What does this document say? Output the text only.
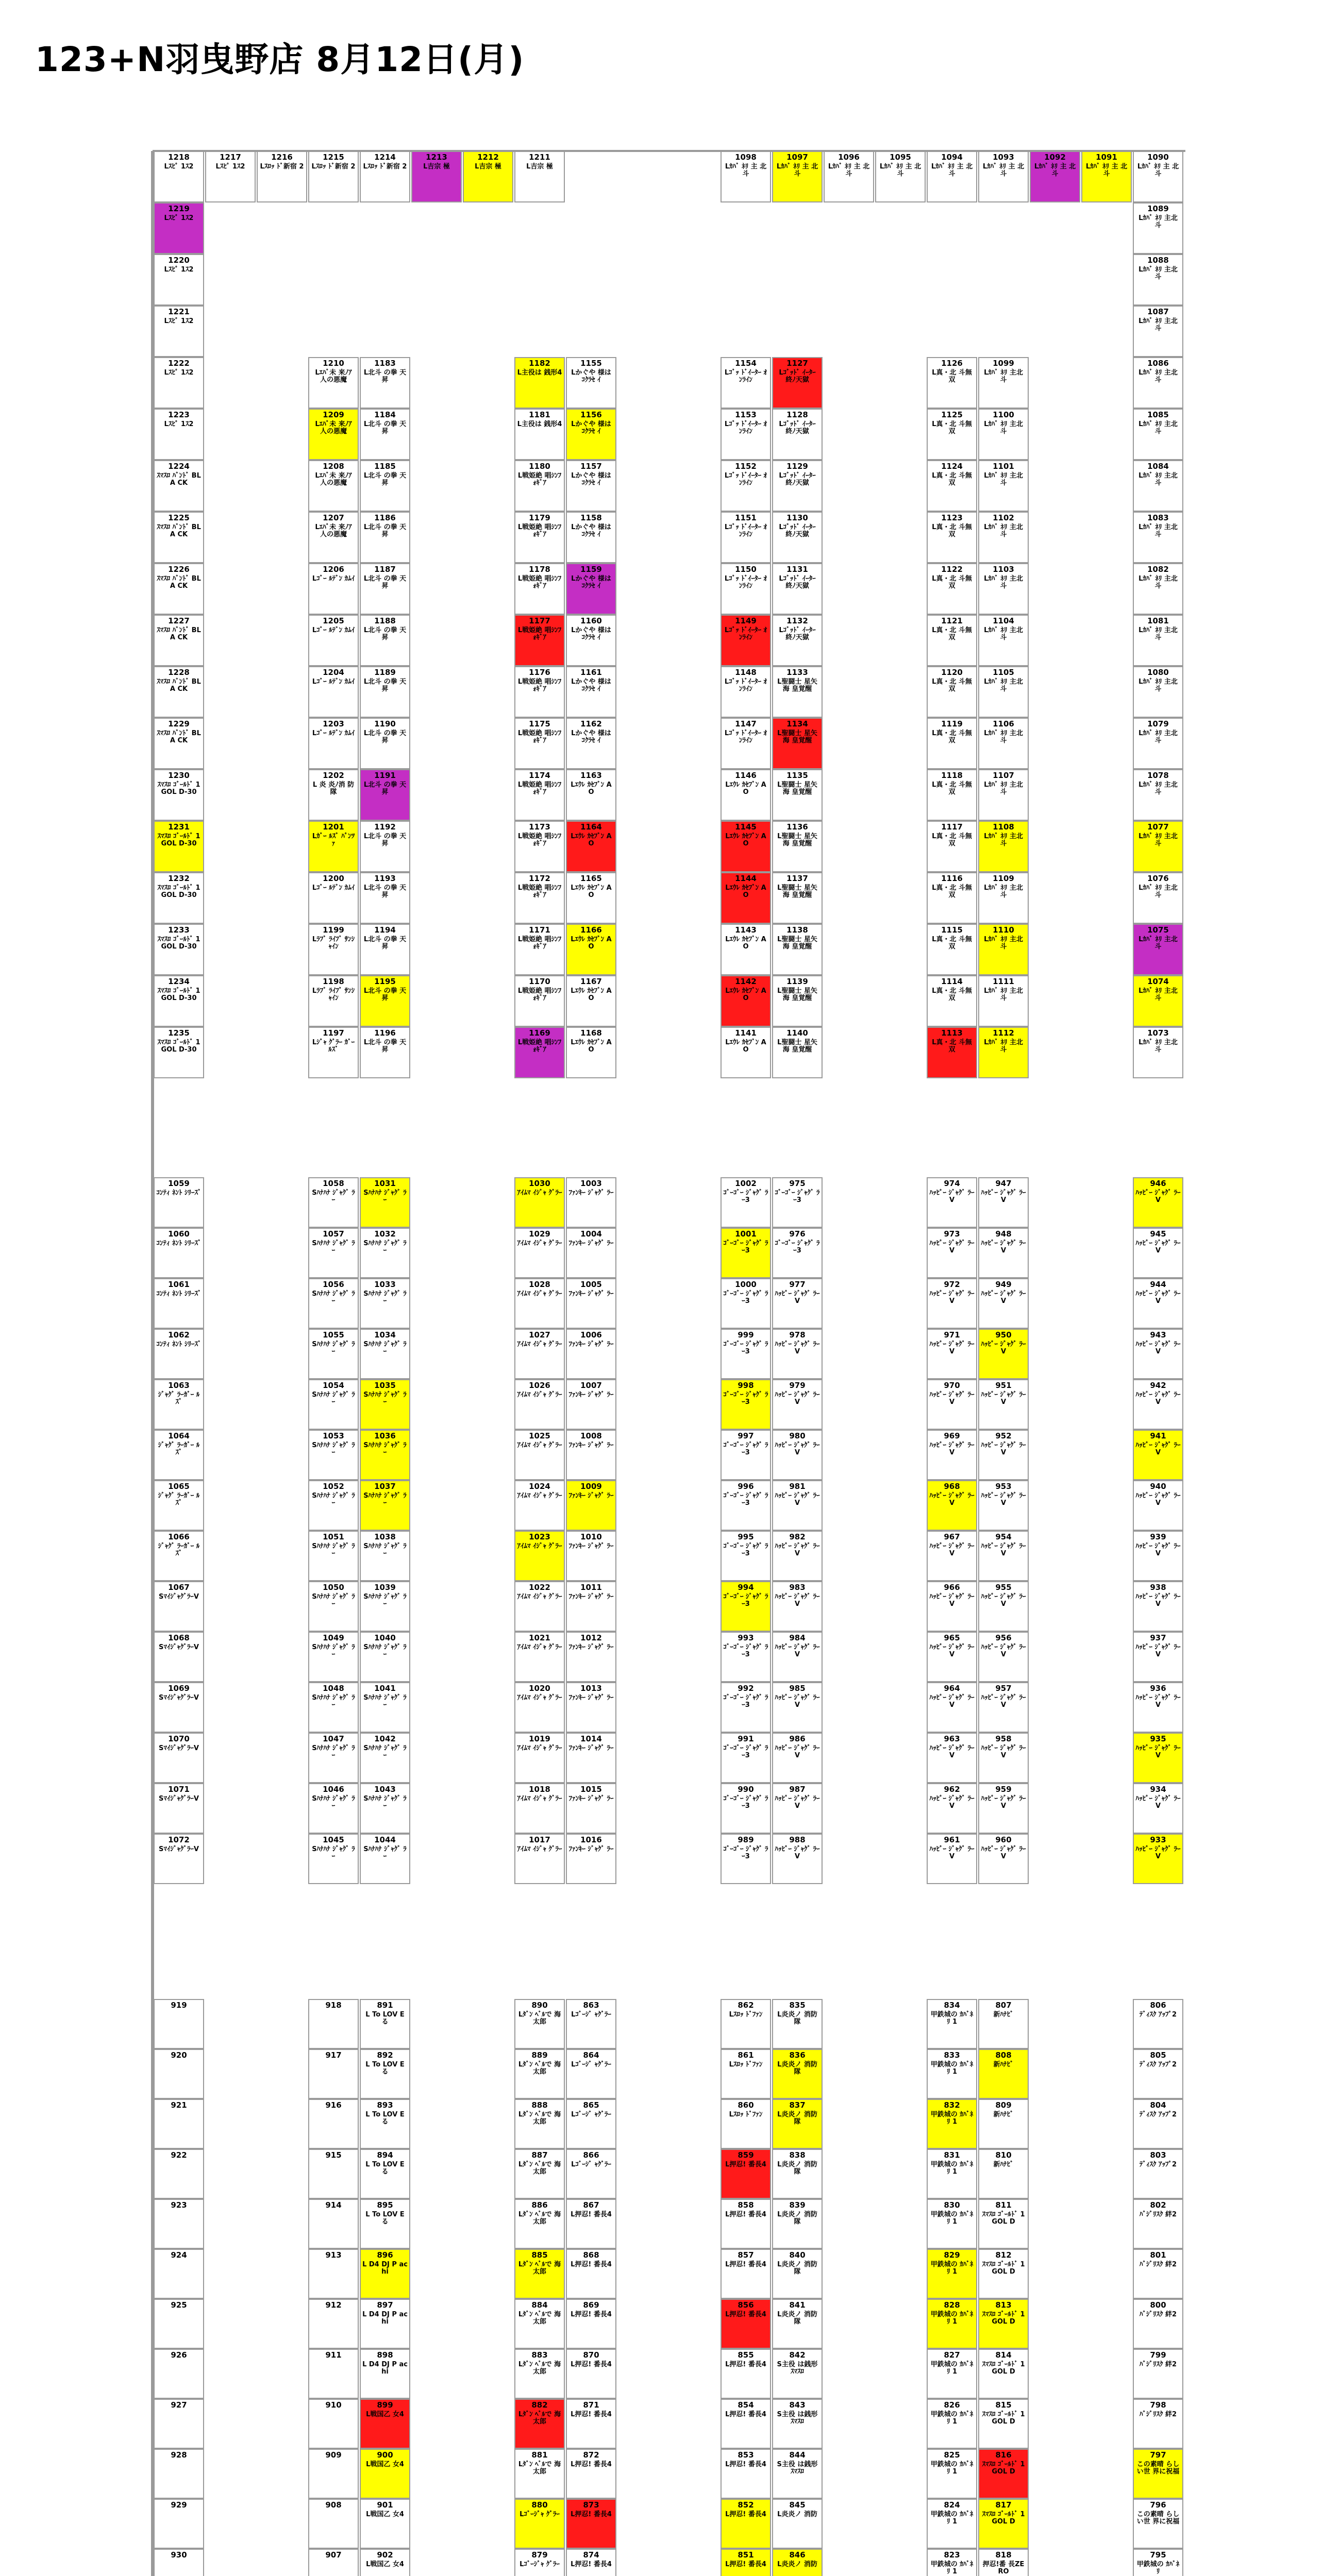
123+N羽曳野店 8月12日(月)
1218
Lｽﾋﾟ 1ｽ2
1217
Lｽﾋﾟ 1ｽ2
1216
Lｽﾛｯ ﾄﾞ新宿 2
1215
Lｽﾛｯ ﾄﾞ新宿 2
1214
Lｽﾛｯ ﾄﾞ新宿 2
1213
L吉宗 極
1212
L吉宗 極
1211
L吉宗 極
1098
Lｶﾊﾞ ﾈﾘ 主 北斗
1097
Lｶﾊﾞ ﾈﾘ 主 北斗
1096
Lｶﾊﾞ ﾈﾘ 主 北斗
1095
Lｶﾊﾞ ﾈﾘ 主 北斗
1094
Lｶﾊﾞ ﾈﾘ 主 北斗
1093
Lｶﾊﾞ ﾈﾘ 主 北斗
1092
Lｶﾊﾞ ﾈﾘ 主 北斗
1091
Lｶﾊﾞ ﾈﾘ 主 北斗
1090
Lｶﾊﾞ ﾈﾘ 主 北斗
1219
Lｽﾋﾟ 1ｽ2
1220
Lｽﾋﾟ 1ｽ2
1221
Lｽﾋﾟ 1ｽ2
1222
Lｽﾋﾟ 1ｽ2
1223
Lｽﾋﾟ 1ｽ2
1224
ｽﾏｽﾛ ﾊﾞﾝﾄﾞ BLA CK
1225
ｽﾏｽﾛ ﾊﾞﾝﾄﾞ BLA CK
1226
ｽﾏｽﾛ ﾊﾞﾝﾄﾞ BLA CK
1227
ｽﾏｽﾛ ﾊﾞﾝﾄﾞ BLA CK
1228
ｽﾏｽﾛ ﾊﾞﾝﾄﾞ BLA CK
1229
ｽﾏｽﾛ ﾊﾞﾝﾄﾞ BLA CK
1230
ｽﾏｽﾛ ｺﾞｰﾙﾄﾞ 1GOL D-30
1231
ｽﾏｽﾛ ｺﾞｰﾙﾄﾞ 1GOL D-30
1232
ｽﾏｽﾛ ｺﾞｰﾙﾄﾞ 1GOL D-30
1233
ｽﾏｽﾛ ｺﾞｰﾙﾄﾞ 1GOL D-30
1234
ｽﾏｽﾛ ｺﾞｰﾙﾄﾞ 1GOL D-30
1235
ｽﾏｽﾛ ｺﾞｰﾙﾄﾞ 1GOL D-30
1089
Lｶﾊﾞ ﾈﾘ 主北斗
1088
Lｶﾊﾞ ﾈﾘ 主北斗
1087
Lｶﾊﾞ ﾈﾘ 主北斗
1086
Lｶﾊﾞ ﾈﾘ 主北斗
1085
Lｶﾊﾞ ﾈﾘ 主北斗
1084
Lｶﾊﾞ ﾈﾘ 主北斗
1083
Lｶﾊﾞ ﾈﾘ 主北斗
1082
Lｶﾊﾞ ﾈﾘ 主北斗
1081
Lｶﾊﾞ ﾈﾘ 主北斗
1080
Lｶﾊﾞ ﾈﾘ 主北斗
1079
Lｶﾊﾞ ﾈﾘ 主北斗
1078
Lｶﾊﾞ ﾈﾘ 主北斗
1077
Lｶﾊﾞ ﾈﾘ 主北斗
1076
Lｶﾊﾞ ﾈﾘ 主北斗
1075
Lｶﾊﾞ ﾈﾘ 主北斗
1074
Lｶﾊﾞ ﾈﾘ 主北斗
1073
Lｶﾊﾞ ﾈﾘ 主北斗
1210
Lｴﾊﾞ未 来ﾉｱ 人の悪魔
1209
Lｴﾊﾞ未 来ﾉｱ 人の悪魔
1208
Lｴﾊﾞ未 来ﾉｱ 人の悪魔
1207
Lｴﾊﾞ未 来ﾉｱ 人の悪魔
1206
Lｺﾞｰ ﾙﾃﾞﾝ ｶﾑｲ
1205
Lｺﾞｰ ﾙﾃﾞﾝ ｶﾑｲ
1204
Lｺﾞｰ ﾙﾃﾞﾝ ｶﾑｲ
1203
Lｺﾞｰ ﾙﾃﾞﾝ ｶﾑｲ
1202
L 炎 炎ﾉ消 防隊
1201
Lｶﾞｰ ﾙｽﾞ ﾊﾟﾝﾂｧ
1200
Lｺﾞｰ ﾙﾃﾞﾝ ｶﾑｲ
1199
Lﾗﾌﾞ ﾗｲﾌﾞ ｻﾝｼｬｲﾝ
1198
Lﾗﾌﾞ ﾗｲﾌﾞ ｻﾝｼｬｲﾝ
1197
Lｼﾞｬ ｸﾞﾗｰ ｶﾞｰﾙｽﾞ
1183
L北斗 の拳 天昇
1184
L北斗 の拳 天昇
1185
L北斗 の拳 天昇
1186
L北斗 の拳 天昇
1187
L北斗 の拳 天昇
1188
L北斗 の拳 天昇
1189
L北斗 の拳 天昇
1190
L北斗 の拳 天昇
1191
L北斗 の拳 天昇
1192
L北斗 の拳 天昇
1193
L北斗 の拳 天昇
1194
L北斗 の拳 天昇
1195
L北斗 の拳 天昇
1196
L北斗 の拳 天昇
1182
L主役は 銭形4
1181
L主役は 銭形4
1180
L戦姫絶 唱ｼﾝﾌ ｫｷﾞｱ
1179
L戦姫絶 唱ｼﾝﾌ ｫｷﾞｱ
1178
L戦姫絶 唱ｼﾝﾌ ｫｷﾞｱ
1177
L戦姫絶 唱ｼﾝﾌ ｫｷﾞｱ
1176
L戦姫絶 唱ｼﾝﾌ ｫｷﾞｱ
1175
L戦姫絶 唱ｼﾝﾌ ｫｷﾞｱ
1174
L戦姫絶 唱ｼﾝﾌ ｫｷﾞｱ
1173
L戦姫絶 唱ｼﾝﾌ ｫｷﾞｱ
1172
L戦姫絶 唱ｼﾝﾌ ｫｷﾞｱ
1171
L戦姫絶 唱ｼﾝﾌ ｫｷﾞｱ
1170
L戦姫絶 唱ｼﾝﾌ ｫｷﾞｱ
1169
L戦姫絶 唱ｼﾝﾌ ｫｷﾞｱ
1155
Lかぐや 様は ｺｸﾗｾ ｲ
1156
Lかぐや 様は ｺｸﾗｾ ｲ
1157
Lかぐや 様は ｺｸﾗｾ ｲ
1158
Lかぐや 様は ｺｸﾗｾ ｲ
1159
Lかぐや 様は ｺｸﾗｾ ｲ
1160
Lかぐや 様は ｺｸﾗｾ ｲ
1161
Lかぐや 様は ｺｸﾗｾ ｲ
1162
Lかぐや 様は ｺｸﾗｾ ｲ
1163
Lｴｳﾚ ｶｾﾌﾞﾝ AO
1164
Lｴｳﾚ ｶｾﾌﾞﾝ AO
1165
Lｴｳﾚ ｶｾﾌﾞﾝ AO
1166
Lｴｳﾚ ｶｾﾌﾞﾝ AO
1167
Lｴｳﾚ ｶｾﾌﾞﾝ AO
1168
Lｴｳﾚ ｶｾﾌﾞﾝ AO
1154
Lｺﾞｯ ﾄﾞｲｰﾀｰ ｵﾝﾗｲﾝ
1153
Lｺﾞｯ ﾄﾞｲｰﾀｰ ｵﾝﾗｲﾝ
1152
Lｺﾞｯ ﾄﾞｲｰﾀｰ ｵﾝﾗｲﾝ
1151
Lｺﾞｯ ﾄﾞｲｰﾀｰ ｵﾝﾗｲﾝ
1150
Lｺﾞｯ ﾄﾞｲｰﾀｰ ｵﾝﾗｲﾝ
1149
Lｺﾞｯ ﾄﾞｲｰﾀｰ ｵﾝﾗｲﾝ
1148
Lｺﾞｯ ﾄﾞｲｰﾀｰ ｵﾝﾗｲﾝ
1147
Lｺﾞｯ ﾄﾞｲｰﾀｰ ｵﾝﾗｲﾝ
1146
Lｴｳﾚ ｶｾﾌﾞﾝ AO
1145
Lｴｳﾚ ｶｾﾌﾞﾝ AO
1144
Lｴｳﾚ ｶｾﾌﾞﾝ AO
1143
Lｴｳﾚ ｶｾﾌﾞﾝ AO
1142
Lｴｳﾚ ｶｾﾌﾞﾝ AO
1141
Lｴｳﾚ ｶｾﾌﾞﾝ AO
1127
Lｺﾞｯﾄﾞ ｲｰﾀｰ 終ﾉ天獄
1128
Lｺﾞｯﾄﾞ ｲｰﾀｰ 終ﾉ天獄
1129
Lｺﾞｯﾄﾞ ｲｰﾀｰ 終ﾉ天獄
1130
Lｺﾞｯﾄﾞ ｲｰﾀｰ 終ﾉ天獄
1131
Lｺﾞｯﾄﾞ ｲｰﾀｰ 終ﾉ天獄
1132
Lｺﾞｯﾄﾞ ｲｰﾀｰ 終ﾉ天獄
1133
L聖闘士 星矢 海 皇覚醒
1134
L聖闘士 星矢 海 皇覚醒
1135
L聖闘士 星矢 海 皇覚醒
1136
L聖闘士 星矢 海 皇覚醒
1137
L聖闘士 星矢 海 皇覚醒
1138
L聖闘士 星矢 海 皇覚醒
1139
L聖闘士 星矢 海 皇覚醒
1140
L聖闘士 星矢 海 皇覚醒
1126
L真・北 斗無双
1125
L真・北 斗無双
1124
L真・北 斗無双
1123
L真・北 斗無双
1122
L真・北 斗無双
1121
L真・北 斗無双
1120
L真・北 斗無双
1119
L真・北 斗無双
1118
L真・北 斗無双
1117
L真・北 斗無双
1116
L真・北 斗無双
1115
L真・北 斗無双
1114
L真・北 斗無双
1113
L真・北 斗無双
1099
Lｶﾊﾞ ﾈﾘ 主北斗
1100
Lｶﾊﾞ ﾈﾘ 主北斗
1101
Lｶﾊﾞ ﾈﾘ 主北斗
1102
Lｶﾊﾞ ﾈﾘ 主北斗
1103
Lｶﾊﾞ ﾈﾘ 主北斗
1104
Lｶﾊﾞ ﾈﾘ 主北斗
1105
Lｶﾊﾞ ﾈﾘ 主北斗
1106
Lｶﾊﾞ ﾈﾘ 主北斗
1107
Lｶﾊﾞ ﾈﾘ 主北斗
1108
Lｶﾊﾞ ﾈﾘ 主北斗
1109
Lｶﾊﾞ ﾈﾘ 主北斗
1110
Lｶﾊﾞ ﾈﾘ 主北斗
1111
Lｶﾊﾞ ﾈﾘ 主北斗
1112
Lｶﾊﾞ ﾈﾘ 主北斗
1059
ｺﾝﾃｨ ﾈﾝﾄ ｼﾘｰｽﾞ
1060
ｺﾝﾃｨ ﾈﾝﾄ ｼﾘｰｽﾞ
1061
ｺﾝﾃｨ ﾈﾝﾄ ｼﾘｰｽﾞ
1062
ｺﾝﾃｨ ﾈﾝﾄ ｼﾘｰｽﾞ
1063
ｼﾞｬｸﾞ ﾗｰｶﾞｰ ﾙｽﾞ
1064
ｼﾞｬｸﾞ ﾗｰｶﾞｰ ﾙｽﾞ
1065
ｼﾞｬｸﾞ ﾗｰｶﾞｰ ﾙｽﾞ
1066
ｼﾞｬｸﾞ ﾗｰｶﾞｰ ﾙｽﾞ
1067
SﾏｲｼﾞｬｸﾞﾗｰV
1068
SﾏｲｼﾞｬｸﾞﾗｰV
1069
SﾏｲｼﾞｬｸﾞﾗｰV
1070
SﾏｲｼﾞｬｸﾞﾗｰV
1071
SﾏｲｼﾞｬｸﾞﾗｰV
1072
SﾏｲｼﾞｬｸﾞﾗｰV
1058
Sﾊﾅﾊﾅ ｼﾞｬｸﾞ ﾗｰ
1057
Sﾊﾅﾊﾅ ｼﾞｬｸﾞ ﾗｰ
1056
Sﾊﾅﾊﾅ ｼﾞｬｸﾞ ﾗｰ
1055
Sﾊﾅﾊﾅ ｼﾞｬｸﾞ ﾗｰ
1054
Sﾊﾅﾊﾅ ｼﾞｬｸﾞ ﾗｰ
1053
Sﾊﾅﾊﾅ ｼﾞｬｸﾞ ﾗｰ
1052
Sﾊﾅﾊﾅ ｼﾞｬｸﾞ ﾗｰ
1051
Sﾊﾅﾊﾅ ｼﾞｬｸﾞ ﾗｰ
1050
Sﾊﾅﾊﾅ ｼﾞｬｸﾞ ﾗｰ
1049
Sﾊﾅﾊﾅ ｼﾞｬｸﾞ ﾗｰ
1048
Sﾊﾅﾊﾅ ｼﾞｬｸﾞ ﾗｰ
1047
Sﾊﾅﾊﾅ ｼﾞｬｸﾞ ﾗｰ
1046
Sﾊﾅﾊﾅ ｼﾞｬｸﾞ ﾗｰ
1045
Sﾊﾅﾊﾅ ｼﾞｬｸﾞ ﾗｰ
1031
Sﾊﾅﾊﾅ ｼﾞｬｸﾞ ﾗｰ
1032
Sﾊﾅﾊﾅ ｼﾞｬｸﾞ ﾗｰ
1033
Sﾊﾅﾊﾅ ｼﾞｬｸﾞ ﾗｰ
1034
Sﾊﾅﾊﾅ ｼﾞｬｸﾞ ﾗｰ
1035
Sﾊﾅﾊﾅ ｼﾞｬｸﾞ ﾗｰ
1036
Sﾊﾅﾊﾅ ｼﾞｬｸﾞ ﾗｰ
1037
Sﾊﾅﾊﾅ ｼﾞｬｸﾞ ﾗｰ
1038
Sﾊﾅﾊﾅ ｼﾞｬｸﾞ ﾗｰ
1039
Sﾊﾅﾊﾅ ｼﾞｬｸﾞ ﾗｰ
1040
Sﾊﾅﾊﾅ ｼﾞｬｸﾞ ﾗｰ
1041
Sﾊﾅﾊﾅ ｼﾞｬｸﾞ ﾗｰ
1042
Sﾊﾅﾊﾅ ｼﾞｬｸﾞ ﾗｰ
1043
Sﾊﾅﾊﾅ ｼﾞｬｸﾞ ﾗｰ
1044
Sﾊﾅﾊﾅ ｼﾞｬｸﾞ ﾗｰ
1030
ｱｲﾑﾏ ｲｼﾞｬ ｸﾞﾗｰ
1029
ｱｲﾑﾏ ｲｼﾞｬ ｸﾞﾗｰ
1028
ｱｲﾑﾏ ｲｼﾞｬ ｸﾞﾗｰ
1027
ｱｲﾑﾏ ｲｼﾞｬ ｸﾞﾗｰ
1026
ｱｲﾑﾏ ｲｼﾞｬ ｸﾞﾗｰ
1025
ｱｲﾑﾏ ｲｼﾞｬ ｸﾞﾗｰ
1024
ｱｲﾑﾏ ｲｼﾞｬ ｸﾞﾗｰ
1023
ｱｲﾑﾏ ｲｼﾞｬ ｸﾞﾗｰ
1022
ｱｲﾑﾏ ｲｼﾞｬ ｸﾞﾗｰ
1021
ｱｲﾑﾏ ｲｼﾞｬ ｸﾞﾗｰ
1020
ｱｲﾑﾏ ｲｼﾞｬ ｸﾞﾗｰ
1019
ｱｲﾑﾏ ｲｼﾞｬ ｸﾞﾗｰ
1018
ｱｲﾑﾏ ｲｼﾞｬ ｸﾞﾗｰ
1017
ｱｲﾑﾏ ｲｼﾞｬ ｸﾞﾗｰ
1003
ﾌｧﾝｷｰ ｼﾞｬｸﾞ ﾗｰ
1004
ﾌｧﾝｷｰ ｼﾞｬｸﾞ ﾗｰ
1005
ﾌｧﾝｷｰ ｼﾞｬｸﾞ ﾗｰ
1006
ﾌｧﾝｷｰ ｼﾞｬｸﾞ ﾗｰ
1007
ﾌｧﾝｷｰ ｼﾞｬｸﾞ ﾗｰ
1008
ﾌｧﾝｷｰ ｼﾞｬｸﾞ ﾗｰ
1009
ﾌｧﾝｷｰ ｼﾞｬｸﾞ ﾗｰ
1010
ﾌｧﾝｷｰ ｼﾞｬｸﾞ ﾗｰ
1011
ﾌｧﾝｷｰ ｼﾞｬｸﾞ ﾗｰ
1012
ﾌｧﾝｷｰ ｼﾞｬｸﾞ ﾗｰ
1013
ﾌｧﾝｷｰ ｼﾞｬｸﾞ ﾗｰ
1014
ﾌｧﾝｷｰ ｼﾞｬｸﾞ ﾗｰ
1015
ﾌｧﾝｷｰ ｼﾞｬｸﾞ ﾗｰ
1016
ﾌｧﾝｷｰ ｼﾞｬｸﾞ ﾗｰ
1002
ｺﾞｰｺﾞｰ ｼﾞｬｸﾞ ﾗｰ3
1001
ｺﾞｰｺﾞｰ ｼﾞｬｸﾞ ﾗｰ3
1000
ｺﾞｰｺﾞｰ ｼﾞｬｸﾞ ﾗｰ3
999
ｺﾞｰｺﾞｰ ｼﾞｬｸﾞ ﾗｰ3
998
ｺﾞｰｺﾞｰ ｼﾞｬｸﾞ ﾗｰ3
997
ｺﾞｰｺﾞｰ ｼﾞｬｸﾞ ﾗｰ3
996
ｺﾞｰｺﾞｰ ｼﾞｬｸﾞ ﾗｰ3
995
ｺﾞｰｺﾞｰ ｼﾞｬｸﾞ ﾗｰ3
994
ｺﾞｰｺﾞｰ ｼﾞｬｸﾞ ﾗｰ3
993
ｺﾞｰｺﾞｰ ｼﾞｬｸﾞ ﾗｰ3
992
ｺﾞｰｺﾞｰ ｼﾞｬｸﾞ ﾗｰ3
991
ｺﾞｰｺﾞｰ ｼﾞｬｸﾞ ﾗｰ3
990
ｺﾞｰｺﾞｰ ｼﾞｬｸﾞ ﾗｰ3
989
ｺﾞｰｺﾞｰ ｼﾞｬｸﾞ ﾗｰ3
975
ｺﾞｰｺﾞｰ ｼﾞｬｸﾞ ﾗｰ3
976
ｺﾞｰｺﾞｰ ｼﾞｬｸﾞ ﾗｰ3
977
ﾊｯﾋﾟｰ ｼﾞｬｸﾞ ﾗｰV
978
ﾊｯﾋﾟｰ ｼﾞｬｸﾞ ﾗｰV
979
ﾊｯﾋﾟｰ ｼﾞｬｸﾞ ﾗｰV
980
ﾊｯﾋﾟｰ ｼﾞｬｸﾞ ﾗｰV
981
ﾊｯﾋﾟｰ ｼﾞｬｸﾞ ﾗｰV
982
ﾊｯﾋﾟｰ ｼﾞｬｸﾞ ﾗｰV
983
ﾊｯﾋﾟｰ ｼﾞｬｸﾞ ﾗｰV
984
ﾊｯﾋﾟｰ ｼﾞｬｸﾞ ﾗｰV
985
ﾊｯﾋﾟｰ ｼﾞｬｸﾞ ﾗｰV
986
ﾊｯﾋﾟｰ ｼﾞｬｸﾞ ﾗｰV
987
ﾊｯﾋﾟｰ ｼﾞｬｸﾞ ﾗｰV
988
ﾊｯﾋﾟｰ ｼﾞｬｸﾞ ﾗｰV
974
ﾊｯﾋﾟｰ ｼﾞｬｸﾞ ﾗｰV
973
ﾊｯﾋﾟｰ ｼﾞｬｸﾞ ﾗｰV
972
ﾊｯﾋﾟｰ ｼﾞｬｸﾞ ﾗｰV
971
ﾊｯﾋﾟｰ ｼﾞｬｸﾞ ﾗｰV
970
ﾊｯﾋﾟｰ ｼﾞｬｸﾞ ﾗｰV
969
ﾊｯﾋﾟｰ ｼﾞｬｸﾞ ﾗｰV
968
ﾊｯﾋﾟｰ ｼﾞｬｸﾞ ﾗｰV
967
ﾊｯﾋﾟｰ ｼﾞｬｸﾞ ﾗｰV
966
ﾊｯﾋﾟｰ ｼﾞｬｸﾞ ﾗｰV
965
ﾊｯﾋﾟｰ ｼﾞｬｸﾞ ﾗｰV
964
ﾊｯﾋﾟｰ ｼﾞｬｸﾞ ﾗｰV
963
ﾊｯﾋﾟｰ ｼﾞｬｸﾞ ﾗｰV
962
ﾊｯﾋﾟｰ ｼﾞｬｸﾞ ﾗｰV
961
ﾊｯﾋﾟｰ ｼﾞｬｸﾞ ﾗｰV
947
ﾊｯﾋﾟｰ ｼﾞｬｸﾞ ﾗｰV
948
ﾊｯﾋﾟｰ ｼﾞｬｸﾞ ﾗｰV
949
ﾊｯﾋﾟｰ ｼﾞｬｸﾞ ﾗｰV
950
ﾊｯﾋﾟｰ ｼﾞｬｸﾞ ﾗｰV
951
ﾊｯﾋﾟｰ ｼﾞｬｸﾞ ﾗｰV
952
ﾊｯﾋﾟｰ ｼﾞｬｸﾞ ﾗｰV
953
ﾊｯﾋﾟｰ ｼﾞｬｸﾞ ﾗｰV
954
ﾊｯﾋﾟｰ ｼﾞｬｸﾞ ﾗｰV
955
ﾊｯﾋﾟｰ ｼﾞｬｸﾞ ﾗｰV
956
ﾊｯﾋﾟｰ ｼﾞｬｸﾞ ﾗｰV
957
ﾊｯﾋﾟｰ ｼﾞｬｸﾞ ﾗｰV
958
ﾊｯﾋﾟｰ ｼﾞｬｸﾞ ﾗｰV
959
ﾊｯﾋﾟｰ ｼﾞｬｸﾞ ﾗｰV
960
ﾊｯﾋﾟｰ ｼﾞｬｸﾞ ﾗｰV
946
ﾊｯﾋﾟｰ ｼﾞｬｸﾞ ﾗｰV
945
ﾊｯﾋﾟｰ ｼﾞｬｸﾞ ﾗｰV
944
ﾊｯﾋﾟｰ ｼﾞｬｸﾞ ﾗｰV
943
ﾊｯﾋﾟｰ ｼﾞｬｸﾞ ﾗｰV
942
ﾊｯﾋﾟｰ ｼﾞｬｸﾞ ﾗｰV
941
ﾊｯﾋﾟｰ ｼﾞｬｸﾞ ﾗｰV
940
ﾊｯﾋﾟｰ ｼﾞｬｸﾞ ﾗｰV
939
ﾊｯﾋﾟｰ ｼﾞｬｸﾞ ﾗｰV
938
ﾊｯﾋﾟｰ ｼﾞｬｸﾞ ﾗｰV
937
ﾊｯﾋﾟｰ ｼﾞｬｸﾞ ﾗｰV
936
ﾊｯﾋﾟｰ ｼﾞｬｸﾞ ﾗｰV
935
ﾊｯﾋﾟｰ ｼﾞｬｸﾞ ﾗｰV
934
ﾊｯﾋﾟｰ ｼﾞｬｸﾞ ﾗｰV
933
ﾊｯﾋﾟｰ ｼﾞｬｸﾞ ﾗｰV
919
920
921
922
923
924
925
926
927
928
929
930
918
917
916
915
914
913
912
911
910
909
908
907
891
L To LOV Eる
892
L To LOV Eる
893
L To LOV Eる
894
L To LOV Eる
895
L To LOV Eる
896
L D4 DJ P achi
897
L D4 DJ P achi
898
L D4 DJ P achi
899
L戦国乙 女4
900
L戦国乙 女4
901
L戦国乙 女4
902
L戦国乙 女4
890
Lﾀﾞﾝ ﾍﾞﾙで 海太郎
889
Lﾀﾞﾝ ﾍﾞﾙで 海太郎
888
Lﾀﾞﾝ ﾍﾞﾙで 海太郎
887
Lﾀﾞﾝ ﾍﾞﾙで 海太郎
886
Lﾀﾞﾝ ﾍﾞﾙで 海太郎
885
Lﾀﾞﾝ ﾍﾞﾙで 海太郎
884
Lﾀﾞﾝ ﾍﾞﾙで 海太郎
883
Lﾀﾞﾝ ﾍﾞﾙで 海太郎
882
Lﾀﾞﾝ ﾍﾞﾙで 海太郎
881
Lﾀﾞﾝ ﾍﾞﾙで 海太郎
880
Lｺﾞｰｼﾞｬ ｸﾞﾗｰ
879
Lｺﾞｰｼﾞｬ ｸﾞﾗｰ
863
Lｺﾞｰｼﾞ ｬｸﾞﾗｰ
864
Lｺﾞｰｼﾞ ｬｸﾞﾗｰ
865
Lｺﾞｰｼﾞ ｬｸﾞﾗｰ
866
Lｺﾞｰｼﾞ ｬｸﾞﾗｰ
867
L押忍! 番長4
868
L押忍! 番長4
869
L押忍! 番長4
870
L押忍! 番長4
871
L押忍! 番長4
872
L押忍! 番長4
873
L押忍! 番長4
874
L押忍! 番長4
862
Lｽﾛｯ ﾄﾞﾌｧﾝ
861
Lｽﾛｯ ﾄﾞﾌｧﾝ
860
Lｽﾛｯ ﾄﾞﾌｧﾝ
859
L押忍! 番長4
858
L押忍! 番長4
857
L押忍! 番長4
856
L押忍! 番長4
855
L押忍! 番長4
854
L押忍! 番長4
853
L押忍! 番長4
852
L押忍! 番長4
851
L押忍! 番長4
835
L炎炎ノ 消防隊
836
L炎炎ノ 消防隊
837
L炎炎ノ 消防隊
838
L炎炎ノ 消防隊
839
L炎炎ノ 消防隊
840
L炎炎ノ 消防隊
841
L炎炎ノ 消防隊
842
S主役 は銭形 ｽﾏｽﾛ
843
S主役 は銭形 ｽﾏｽﾛ
844
S主役 は銭形 ｽﾏｽﾛ
845
L炎炎ノ 消防
846
L炎炎ノ 消防
834
甲鉄城の ｶﾊﾞﾈﾘ 1
833
甲鉄城の ｶﾊﾞﾈﾘ 1
832
甲鉄城の ｶﾊﾞﾈﾘ 1
831
甲鉄城の ｶﾊﾞﾈﾘ 1
830
甲鉄城の ｶﾊﾞﾈﾘ 1
829
甲鉄城の ｶﾊﾞﾈﾘ 1
828
甲鉄城の ｶﾊﾞﾈﾘ 1
827
甲鉄城の ｶﾊﾞﾈﾘ 1
826
甲鉄城の ｶﾊﾞﾈﾘ 1
825
甲鉄城の ｶﾊﾞﾈﾘ 1
824
甲鉄城の ｶﾊﾞﾈﾘ 1
823
甲鉄城の ｶﾊﾞﾈﾘ 1
807
新ﾊﾅﾋﾞ
808
新ﾊﾅﾋﾞ
809
新ﾊﾅﾋﾞ
810
新ﾊﾅﾋﾞ
811
ｽﾏｽﾛ ｺﾞｰﾙﾄﾞ 1GOL D
812
ｽﾏｽﾛ ｺﾞｰﾙﾄﾞ 1GOL D
813
ｽﾏｽﾛ ｺﾞｰﾙﾄﾞ 1GOL D
814
ｽﾏｽﾛ ｺﾞｰﾙﾄﾞ 1GOL D
815
ｽﾏｽﾛ ｺﾞｰﾙﾄﾞ 1GOL D
816
ｽﾏｽﾛ ｺﾞｰﾙﾄﾞ 1GOL D
817
ｽﾏｽﾛ ｺﾞｰﾙﾄﾞ 1GOL D
818
押忍!番 長ZERO
806
ﾃﾞｨｽｸ ｱｯﾌﾟ2
805
ﾃﾞｨｽｸ ｱｯﾌﾟ2
804
ﾃﾞｨｽｸ ｱｯﾌﾟ2
803
ﾃﾞｨｽｸ ｱｯﾌﾟ2
802
ﾊﾞｼﾞﾘｽｸ 絆2
801
ﾊﾞｼﾞﾘｽｸ 絆2
800
ﾊﾞｼﾞﾘｽｸ 絆2
799
ﾊﾞｼﾞﾘｽｸ 絆2
798
ﾊﾞｼﾞﾘｽｸ 絆2
797
この素晴 らしい世 界に祝福
796
この素晴 らしい世 界に祝福
795
甲鉄城の ｶﾊﾞﾈﾘ
